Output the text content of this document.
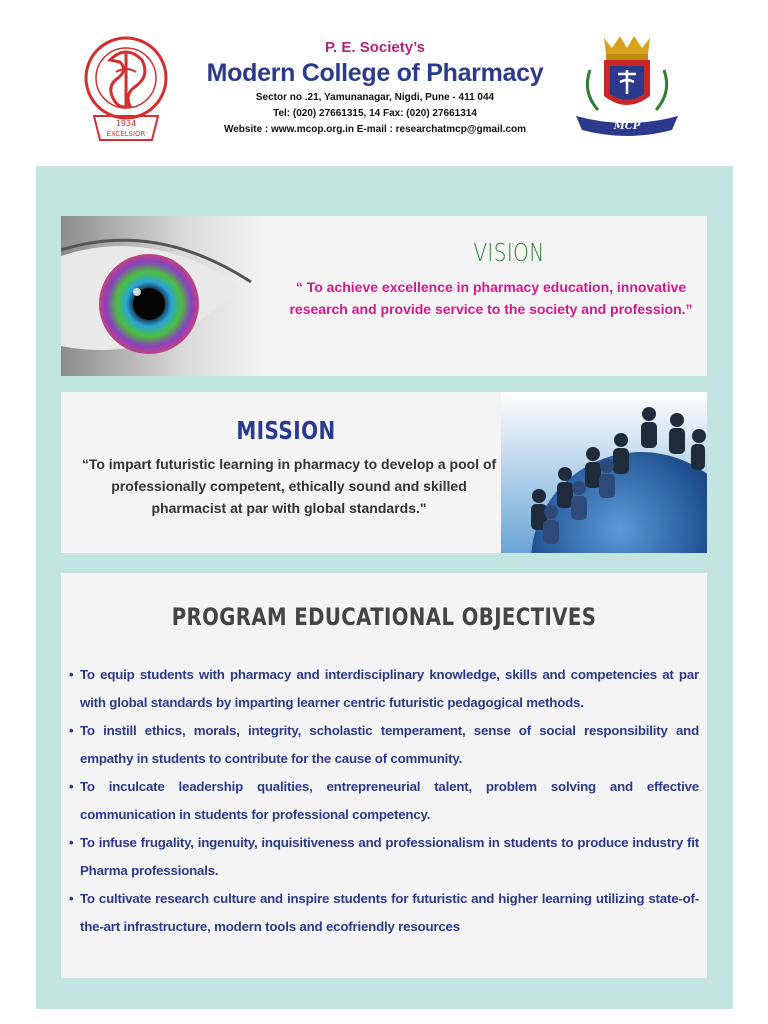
1934
EXCELSIOR

P. E. Society’s

Modern College of Pharmacy

Sector no .21, Yamunanagar, Nigdi, Pune - 411 044

Tel: (020) 27661315, 14 Fax: (020) 27661314

Website : www.mcop.org.in E-mail : researchatmcp@gmail.com	MCP
VISION

“ To achieve excellence in pharmacy education, innovative research and provide service to the society and profession.”

MISSION

“To impart futuristic learning in pharmacy to develop a pool of professionally competent, ethically sound and skilled pharmacist at par with global standards."

PROGRAM EDUCATIONAL OBJECTIVES
• To equip students with pharmacy and interdisciplinary knowledge, skills and competencies at par with global standards by imparting learner centric futuristic pedagogical methods.
• To instill ethics, morals, integrity, scholastic temperament, sense of social responsibility and empathy in students to contribute for the cause of community.
• To inculcate leadership qualities, entrepreneurial talent, problem solving and effective communication in students for professional competency.
• To infuse frugality, ingenuity, inquisitiveness and professionalism in students to produce industry fit Pharma professionals.
• To cultivate research culture and inspire students for futuristic and higher learning utilizing state-of-the-art infrastructure, modern tools and ecofriendly resources
